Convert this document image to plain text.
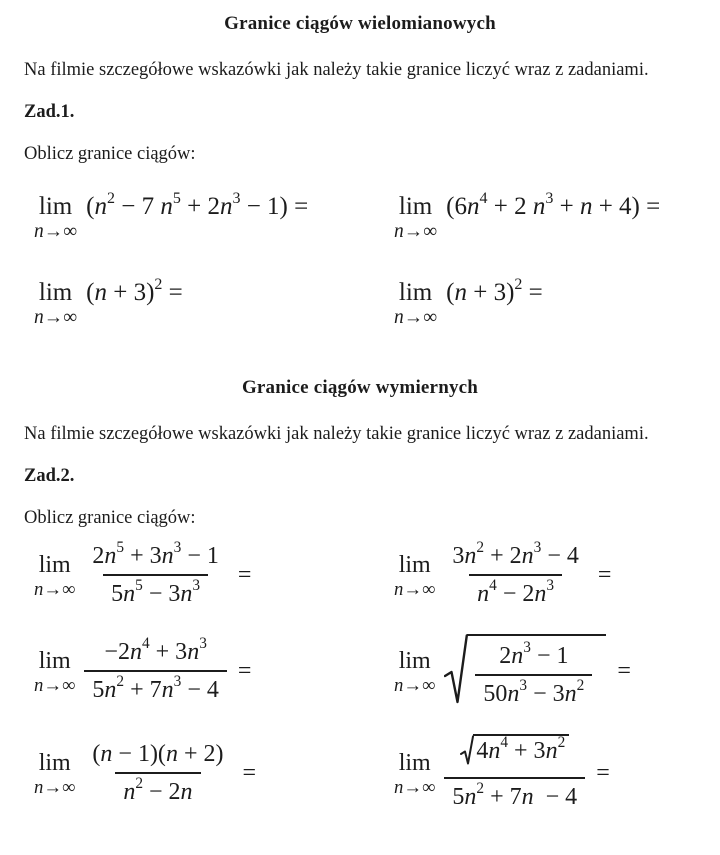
Granice ciągów wielomianowych

Na filmie szczegółowe wskazówki jak należy takie granice liczyć wraz z zadaniami.

Zad.1.

Oblicz granice ciągów:

lim
n→∞
($n^2 - 7$ $n^5 + 2n^3 - 1$) =	lim
n→∞
($6n^4 + 2$ $n^3 + n + 4$) =
lim
n→∞
$(n + 3)^2$ =	lim
n→∞
$(n + 3)^2$ =
Granice ciągów wymiernych

Na filmie szczegółowe wskazówki jak należy takie granice liczyć wraz z zadaniami.

Zad.2.

Oblicz granice ciągów:

lim
$n\to\infty \frac{2n^5 + 3n^3 - 1}{5n^5 - 3n^3}$ =	lim
$n\to\infty \frac{3n^2 + 2n^3 - 4}{n^4 - 2n^3}$ =
lim
$n\to\infty \frac{-2n^4 + 3n^3}{5n^2 + 7n^3 - 4}$ =	lim
$n\to\infty \frac{2n^3 - 1}{50n^3 - 3n^2}$ =
lim
$n\to\infty \frac{(n - 1)(n + 2)}{n^2 - 2n}$ =	lim
$n\to\infty \frac{4n^4 + 3n^2}{5n^2 + 7n - 4}$ =
